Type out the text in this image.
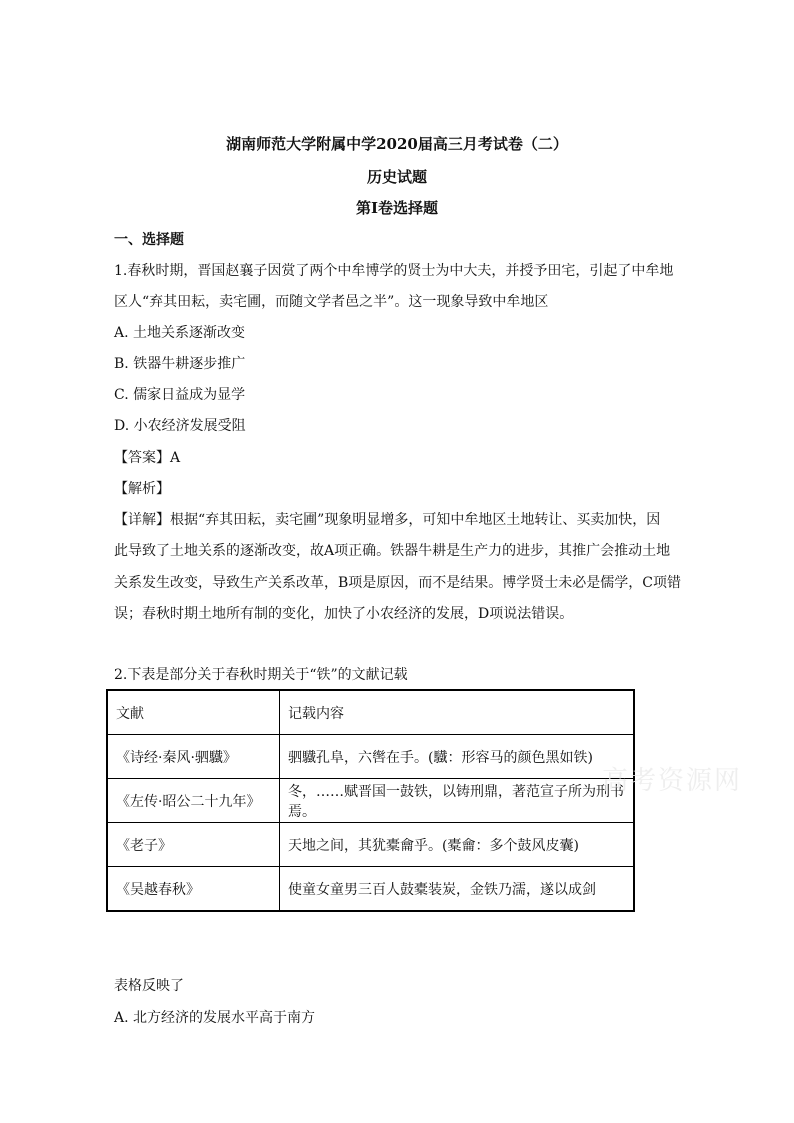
湖南师范大学附属中学2020届高三月考试卷（二）
历史试题
第Ⅰ卷选择题
一、选择题
1.春秋时期，晋国赵襄子因赏了两个中牟博学的贤士为中大夫，并授予田宅，引起了中牟地
区人“弃其田耘，卖宅圃，而随文学者邑之半”。这一现象导致中牟地区
A. 土地关系逐渐改变
B. 铁器牛耕逐步推广
C. 儒家日益成为显学
D. 小农经济发展受阻
【答案】A
【解析】
【详解】根据“弃其田耘，卖宅圃”现象明显增多，可知中牟地区土地转让、买卖加快，因
此导致了土地关系的逐渐改变，故A项正确。铁器牛耕是生产力的进步，其推广会推动土地
关系发生改变，导致生产关系改革，B项是原因，而不是结果。博学贤士未必是儒学，C项错
误；春秋时期土地所有制的变化，加快了小农经济的发展，D项说法错误。
2.下表是部分关于春秋时期关于“铁”的文献记载
文献	记载内容
《诗经·秦风·驷驖》	驷驖孔阜，六辔在手。(驖：形容马的颜色黑如铁)
《左传·昭公二十九年》	冬，……赋晋国一鼓铁，以铸刑鼎，著范宣子所为刑书焉。
《老子》	天地之间，其犹橐龠乎。(橐龠：多个鼓风皮囊)
《吴越春秋》	使童女童男三百人鼓橐装炭，金铁乃濡，遂以成剑
高考资源网
表格反映了
A. 北方经济的发展水平高于南方
